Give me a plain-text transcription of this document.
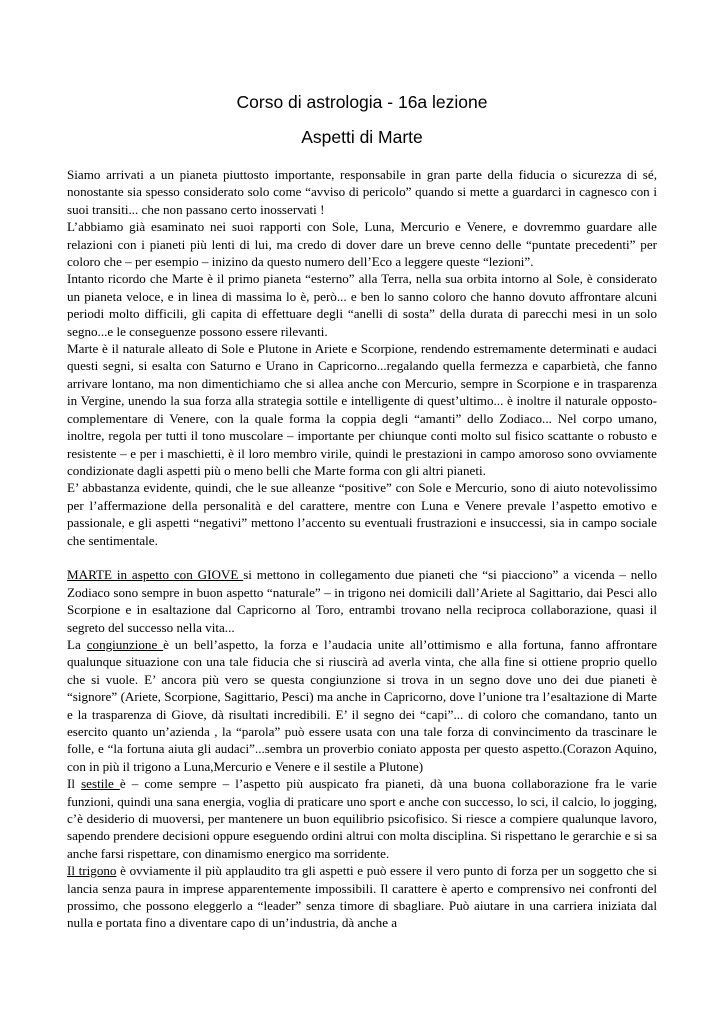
Corso di astrologia - 16a lezione
Aspetti di Marte

Siamo arrivati a un pianeta piuttosto importante, responsabile in gran parte della fiducia o sicurezza di sé, nonostante sia spesso considerato solo come “avviso di pericolo” quando si mette a guardarci in cagnesco con i suoi transiti... che non passano certo inosservati !

L’abbiamo già esaminato nei suoi rapporti con Sole, Luna, Mercurio e Venere, e dovremmo guardare alle relazioni con i pianeti più lenti di lui, ma credo di dover dare un breve cenno delle “puntate precedenti” per coloro che – per esempio – inizino da questo numero dell’Eco a leggere queste “lezioni”.

Intanto ricordo che Marte è il primo pianeta “esterno” alla Terra, nella sua orbita intorno al Sole, è considerato un pianeta veloce, e in linea di massima lo è, però... e ben lo sanno coloro che hanno dovuto affrontare alcuni periodi molto difficili, gli capita di effettuare degli “anelli di sosta” della durata di parecchi mesi in un solo segno...e le conseguenze possono essere rilevanti.

Marte è il naturale alleato di Sole e Plutone in Ariete e Scorpione, rendendo estremamente determinati e audaci questi segni, si esalta con Saturno e Urano in Capricorno...regalando quella fermezza e caparbietà, che fanno arrivare lontano, ma non dimentichiamo che si allea anche con Mercurio, sempre in Scorpione e in trasparenza in Vergine, unendo la sua forza alla strategia sottile e intelligente di quest’ultimo... è inoltre il naturale opposto-complementare di Venere, con la quale forma la coppia degli “amanti” dello Zodiaco... Nel corpo umano, inoltre, regola per tutti il tono muscolare – importante per chiunque conti molto sul fisico scattante o robusto e resistente – e per i maschietti, è il loro membro virile, quindi le prestazioni in campo amoroso sono ovviamente condizionate dagli aspetti più o meno belli che Marte forma con gli altri pianeti.

E’ abbastanza evidente, quindi, che le sue alleanze “positive” con Sole e Mercurio, sono di aiuto notevolissimo per l’affermazione della personalità e del carattere, mentre con Luna e Venere prevale l’aspetto emotivo e passionale, e gli aspetti “negativi” mettono l’accento su eventuali frustrazioni e insuccessi, sia in campo sociale che sentimentale.

MARTE in aspetto con GIOVE si mettono in collegamento due pianeti che “si piacciono” a vicenda – nello Zodiaco sono sempre in buon aspetto “naturale” – in trigono nei domicili dall’Ariete al Sagittario, dai Pesci allo Scorpione e in esaltazione dal Capricorno al Toro, entrambi trovano nella reciproca collaborazione, quasi il segreto del successo nella vita...

La congiunzione è un bell’aspetto, la forza e l’audacia unite all’ottimismo e alla fortuna, fanno affrontare qualunque situazione con una tale fiducia che si riuscirà ad averla vinta, che alla fine si ottiene proprio quello che si vuole. E’ ancora più vero se questa congiunzione si trova in un segno dove uno dei due pianeti è “signore” (Ariete, Scorpione, Sagittario, Pesci) ma anche in Capricorno, dove l’unione tra l’esaltazione di Marte e la trasparenza di Giove, dà risultati incredibili. E’ il segno dei “capi”... di coloro che comandano, tanto un esercito quanto un’azienda , la “parola” può essere usata con una tale forza di convincimento da trascinare le folle, e “la fortuna aiuta gli audaci”...sembra un proverbio coniato apposta per questo aspetto.(Corazon Aquino, con in più il trigono a Luna,Mercurio e Venere e il sestile a Plutone)

Il sestile è – come sempre – l’aspetto più auspicato fra pianeti, dà una buona collaborazione fra le varie funzioni, quindi una sana energia, voglia di praticare uno sport e anche con successo, lo sci, il calcio, lo jogging, c’è desiderio di muoversi, per mantenere un buon equilibrio psicofisico. Si riesce a compiere qualunque lavoro, sapendo prendere decisioni oppure eseguendo ordini altrui con molta disciplina. Si rispettano le gerarchie e si sa anche farsi rispettare, con dinamismo energico ma sorridente.

Il trigono è ovviamente il più applaudito tra gli aspetti e può essere il vero punto di forza per un soggetto che si lancia senza paura in imprese apparentemente impossibili. Il carattere è aperto e comprensivo nei confronti del prossimo, che possono eleggerlo a “leader” senza timore di sbagliare. Può aiutare in una carriera iniziata dal nulla e portata fino a diventare capo di un’industria, dà anche a
